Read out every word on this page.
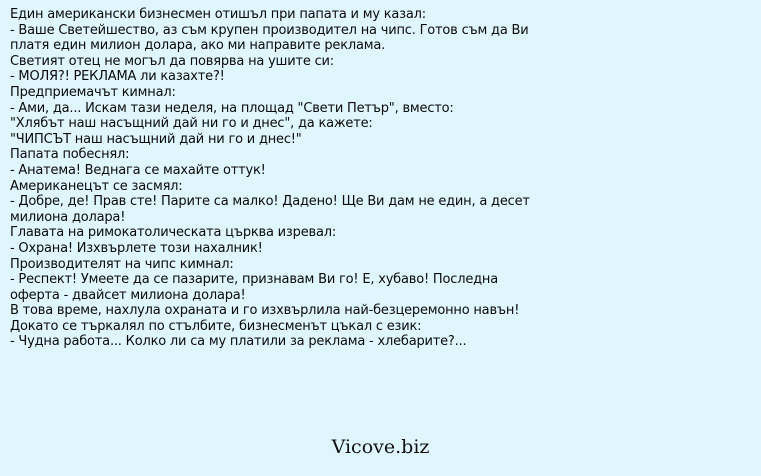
Един американски бизнесмен отишъл при папата и му казал:
- Ваше Светейшество, аз съм крупен производител на чипс. Готов съм да Ви
платя един милион долара, ако ми направите реклама.
Светият отец не могъл да повярва на ушите си:
- МОЛЯ?! РЕКЛАМА ли казахте?!
Предприемачът кимнал:
- Ами, да... Искам тази неделя, на площад "Свети Петър", вместо:
"Хлябът наш насъщний дай ни го и днес", да кажете:
"ЧИПСЪТ наш насъщний дай ни го и днес!"
Папата побеснял:
- Анатема! Веднага се махайте оттук!
Американецът се засмял:
- Добре, де! Прав сте! Парите са малко! Дадено! Ще Ви дам не един, а десет
милиона долара!
Главата на римокатолическата църква изревал:
- Охрана! Изхвърлете този нахалник!
Производителят на чипс кимнал:
- Респект! Умеете да се пазарите, признавам Ви го! Е, хубаво! Последна
оферта - двайсет милиона долара!
В това време, нахлула охраната и го изхвърлила най-безцеремонно навън!
Докато се търкалял по стълбите, бизнесменът цъкал с език:
- Чудна работа... Колко ли са му платили за реклама - хлебарите?...
Vicove.biz
